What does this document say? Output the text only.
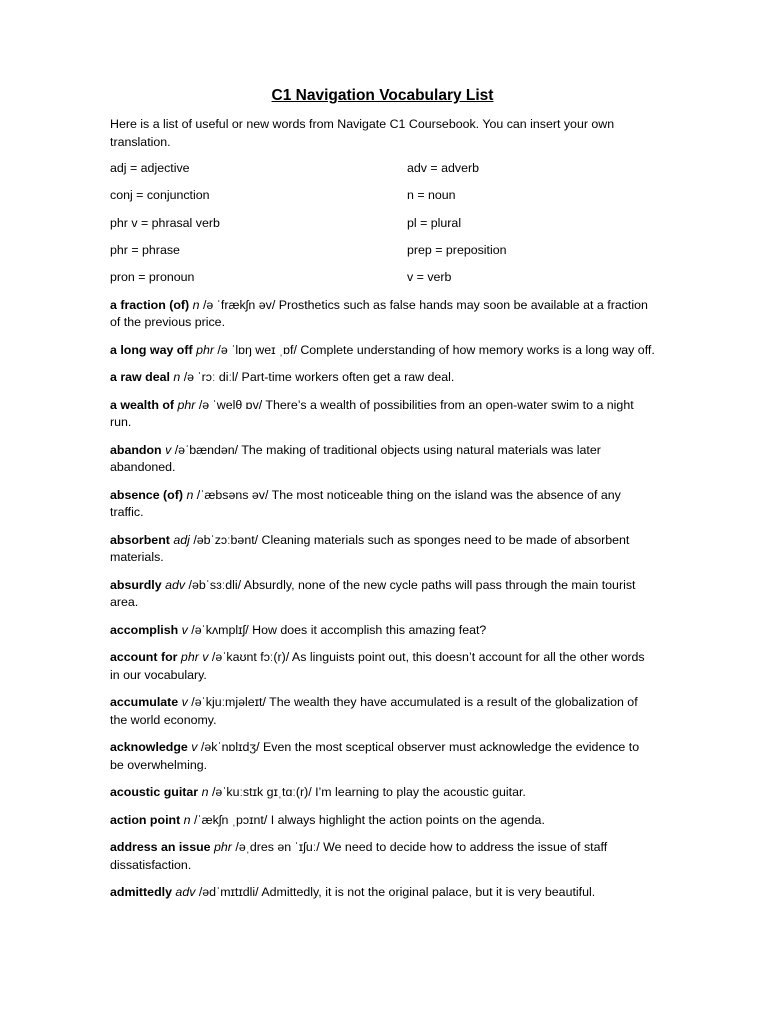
C1 Navigation Vocabulary List
Here is a list of useful or new words from Navigate C1 Coursebook. You can insert your own translation.
adj = adjective	adv = adverb
conj = conjunction	n = noun
phr v = phrasal verb	pl = plural
phr = phrase	prep = preposition
pron = pronoun	v = verb
a fraction (of) n /ə ˈfrækʃn əv/ Prosthetics such as false hands may soon be available at a fraction of the previous price.
a long way off phr /ə ˈlɒŋ weɪ ˌɒf/ Complete understanding of how memory works is a long way off.
a raw deal n /ə ˈrɔː diːl/ Part-time workers often get a raw deal.
a wealth of phr /ə ˈwelθ ɒv/ There’s a wealth of possibilities from an open-water swim to a night run.
abandon v /əˈbændən/ The making of traditional objects using natural materials was later abandoned.
absence (of) n /ˈæbsəns əv/ The most noticeable thing on the island was the absence of any traffic.
absorbent adj /əbˈzɔːbənt/ Cleaning materials such as sponges need to be made of absorbent materials.
absurdly adv /əbˈsɜːdli/ Absurdly, none of the new cycle paths will pass through the main tourist area.
accomplish v /əˈkʌmplɪʃ/ How does it accomplish this amazing feat?
account for phr v /əˈkaʊnt fɔː(r)/ As linguists point out, this doesn’t account for all the other words in our vocabulary.
accumulate v /əˈkjuːmjəleɪt/ The wealth they have accumulated is a result of the globalization of the world economy.
acknowledge v /əkˈnɒlɪdʒ/ Even the most sceptical observer must acknowledge the evidence to be overwhelming.
acoustic guitar n /əˈkuːstɪk ɡɪˌtɑː(r)/ I’m learning to play the acoustic guitar.
action point n /ˈækʃn ˌpɔɪnt/ I always highlight the action points on the agenda.
address an issue phr /əˌdres ən ˈɪʃuː/ We need to decide how to address the issue of staff dissatisfaction.
admittedly adv /ədˈmɪtɪdli/ Admittedly, it is not the original palace, but it is very beautiful.
